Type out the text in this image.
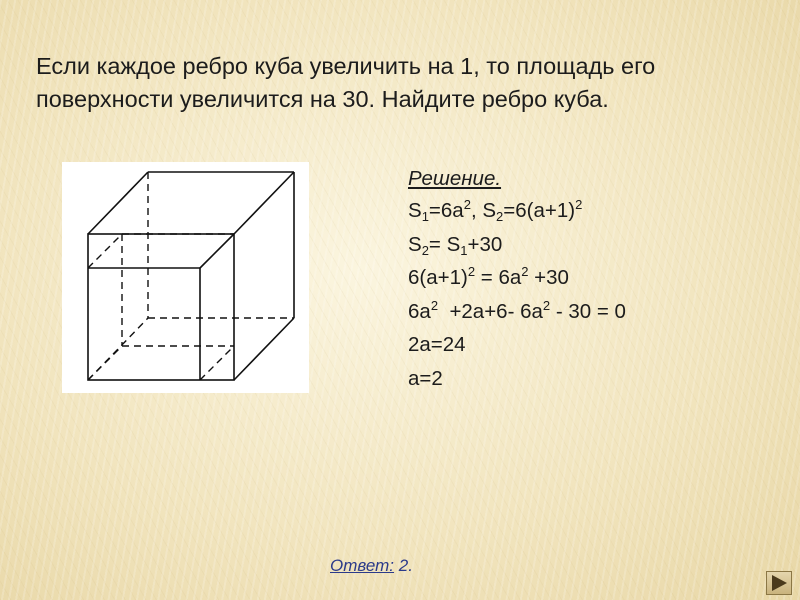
Если каждое ребро куба увеличить на 1, то площадь его
поверхности увеличится на 30. Найдите ребро куба.
Решение.
$S_1=6a^2$, $S_2=6(a+1)^2$
$S_2= S_1+30$
$6(a+1)^2 = 6a^2 +30$
$6a^2 +2a+6-$ $6a^2 - 30 = 0$
2a=24
a=2
Ответ: 2.
